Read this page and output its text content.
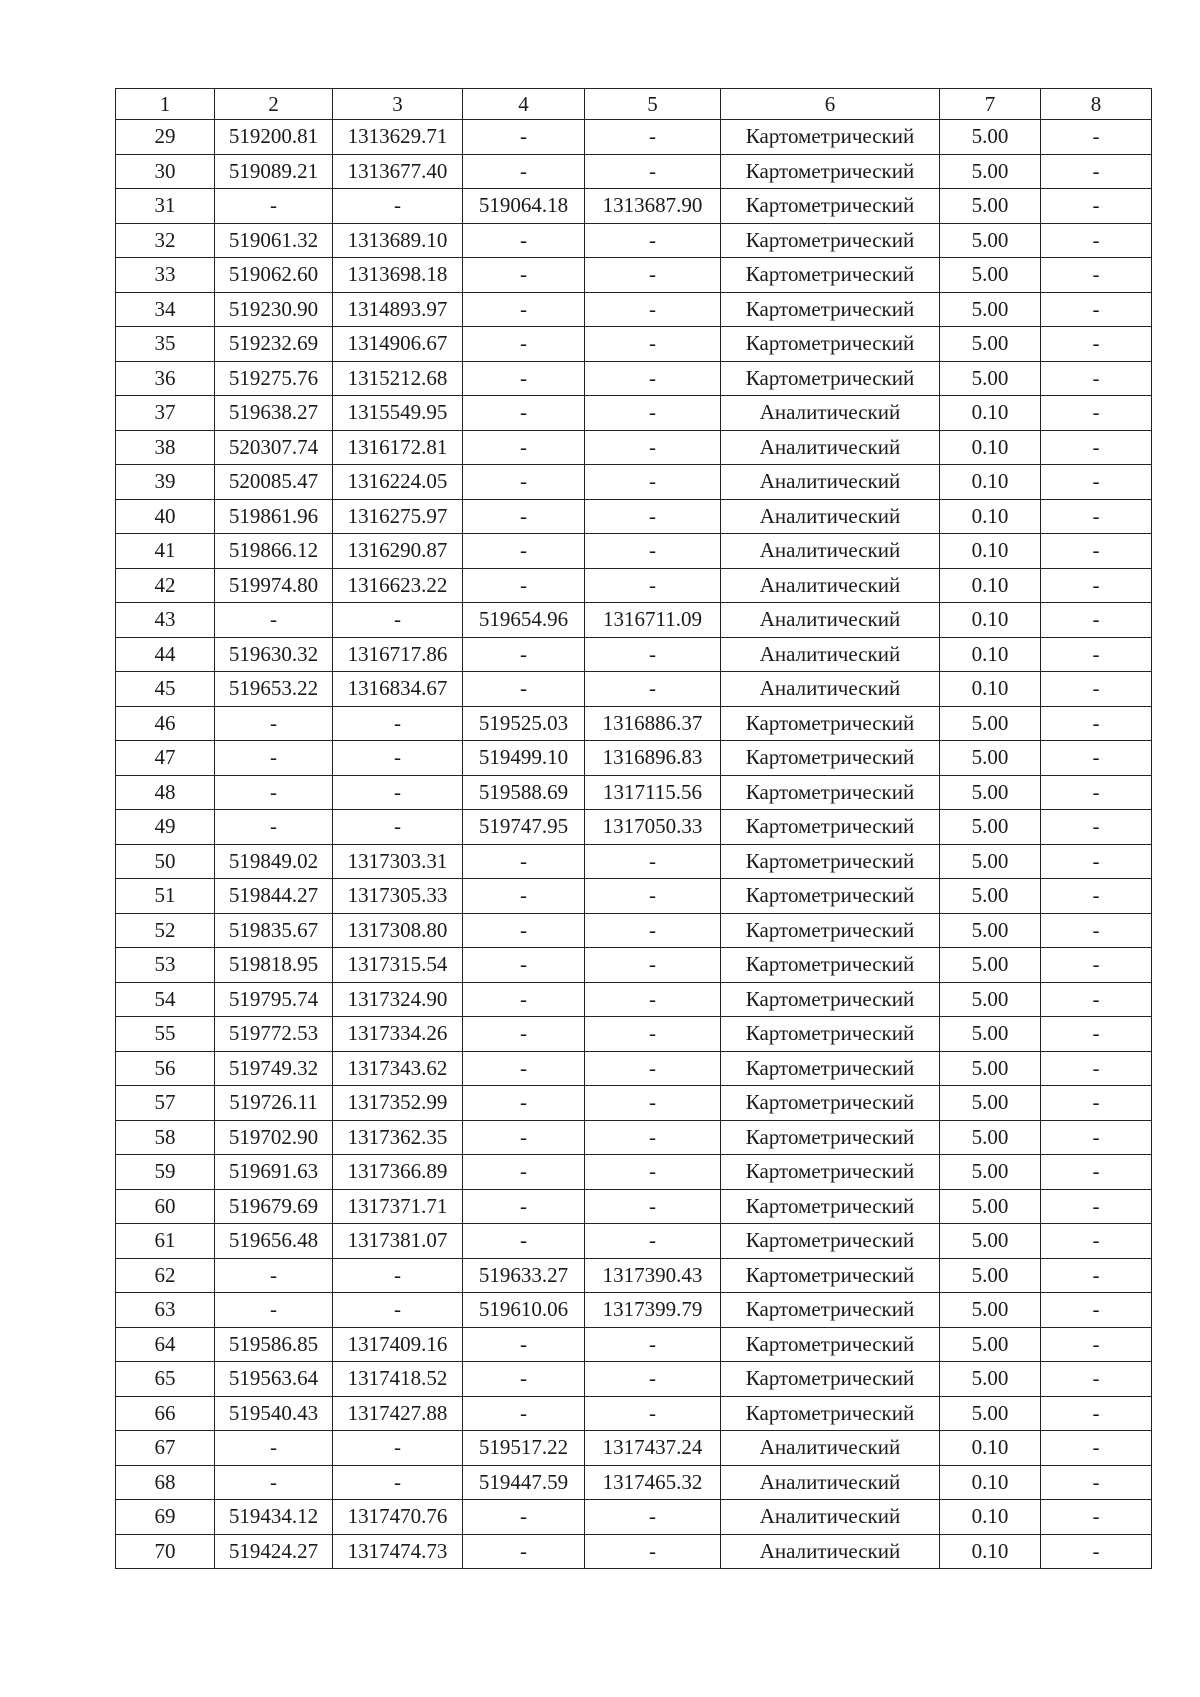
1	2	3	4	5	6	7	8
29	519200.81	1313629.71	-	-	Картометрический	5.00	-
30	519089.21	1313677.40	-	-	Картометрический	5.00	-
31	-	-	519064.18	1313687.90	Картометрический	5.00	-
32	519061.32	1313689.10	-	-	Картометрический	5.00	-
33	519062.60	1313698.18	-	-	Картометрический	5.00	-
34	519230.90	1314893.97	-	-	Картометрический	5.00	-
35	519232.69	1314906.67	-	-	Картометрический	5.00	-
36	519275.76	1315212.68	-	-	Картометрический	5.00	-
37	519638.27	1315549.95	-	-	Аналитический	0.10	-
38	520307.74	1316172.81	-	-	Аналитический	0.10	-
39	520085.47	1316224.05	-	-	Аналитический	0.10	-
40	519861.96	1316275.97	-	-	Аналитический	0.10	-
41	519866.12	1316290.87	-	-	Аналитический	0.10	-
42	519974.80	1316623.22	-	-	Аналитический	0.10	-
43	-	-	519654.96	1316711.09	Аналитический	0.10	-
44	519630.32	1316717.86	-	-	Аналитический	0.10	-
45	519653.22	1316834.67	-	-	Аналитический	0.10	-
46	-	-	519525.03	1316886.37	Картометрический	5.00	-
47	-	-	519499.10	1316896.83	Картометрический	5.00	-
48	-	-	519588.69	1317115.56	Картометрический	5.00	-
49	-	-	519747.95	1317050.33	Картометрический	5.00	-
50	519849.02	1317303.31	-	-	Картометрический	5.00	-
51	519844.27	1317305.33	-	-	Картометрический	5.00	-
52	519835.67	1317308.80	-	-	Картометрический	5.00	-
53	519818.95	1317315.54	-	-	Картометрический	5.00	-
54	519795.74	1317324.90	-	-	Картометрический	5.00	-
55	519772.53	1317334.26	-	-	Картометрический	5.00	-
56	519749.32	1317343.62	-	-	Картометрический	5.00	-
57	519726.11	1317352.99	-	-	Картометрический	5.00	-
58	519702.90	1317362.35	-	-	Картометрический	5.00	-
59	519691.63	1317366.89	-	-	Картометрический	5.00	-
60	519679.69	1317371.71	-	-	Картометрический	5.00	-
61	519656.48	1317381.07	-	-	Картометрический	5.00	-
62	-	-	519633.27	1317390.43	Картометрический	5.00	-
63	-	-	519610.06	1317399.79	Картометрический	5.00	-
64	519586.85	1317409.16	-	-	Картометрический	5.00	-
65	519563.64	1317418.52	-	-	Картометрический	5.00	-
66	519540.43	1317427.88	-	-	Картометрический	5.00	-
67	-	-	519517.22	1317437.24	Аналитический	0.10	-
68	-	-	519447.59	1317465.32	Аналитический	0.10	-
69	519434.12	1317470.76	-	-	Аналитический	0.10	-
70	519424.27	1317474.73	-	-	Аналитический	0.10	-
